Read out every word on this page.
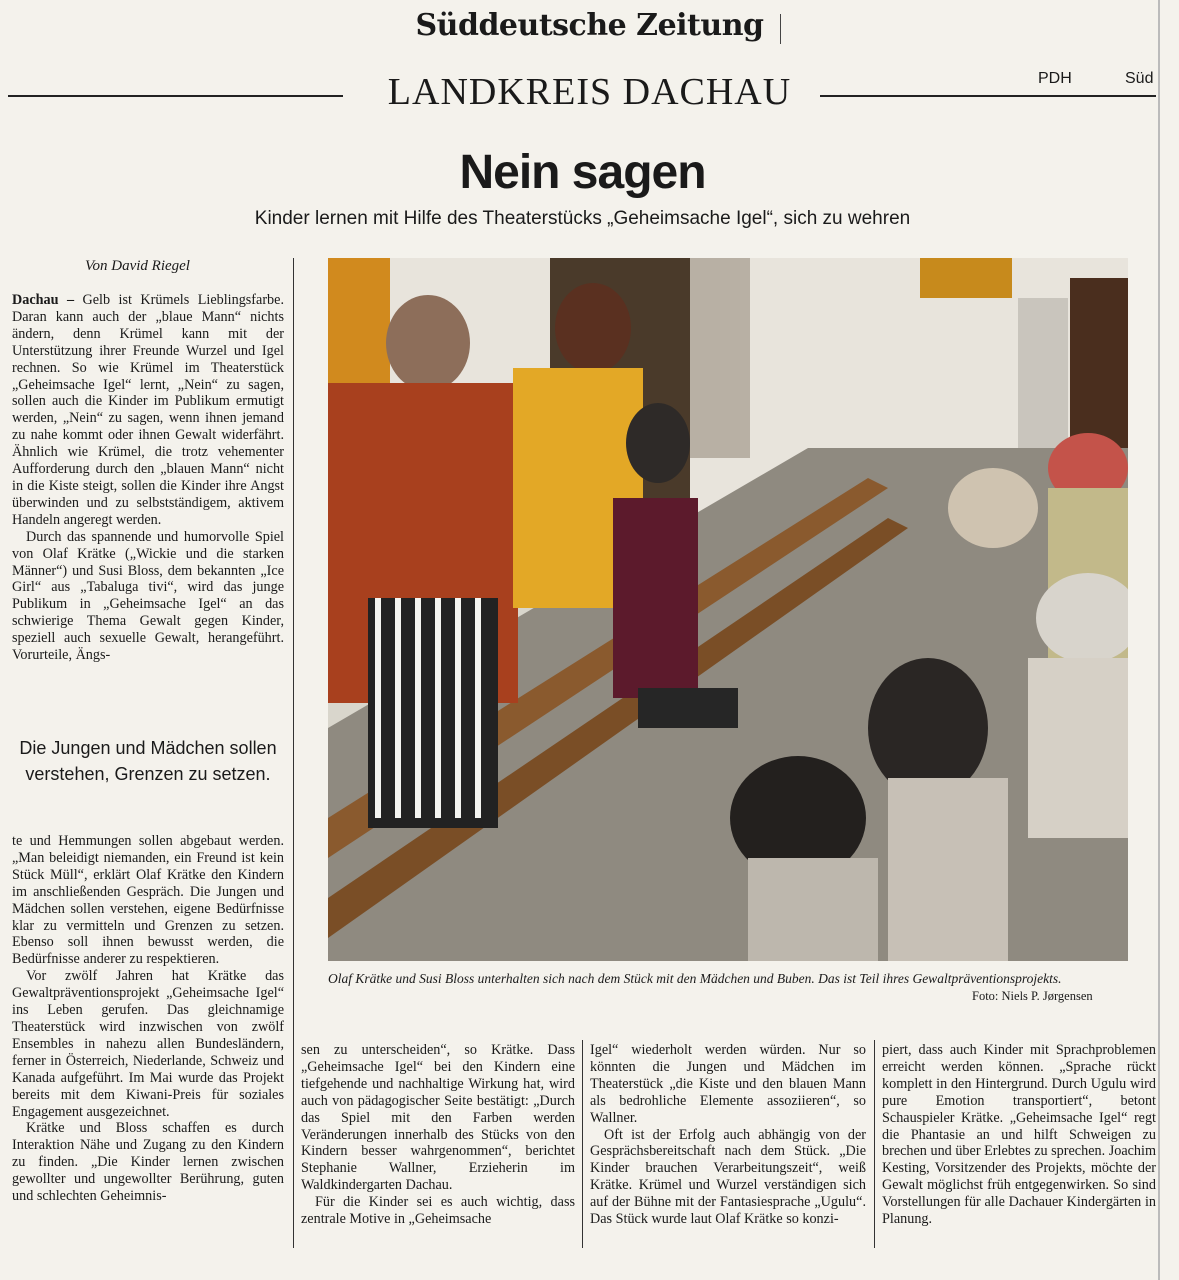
Süddeutsche Zeitung
LANDKREIS DACHAU	PDH	Süd
Nein sagen
Kinder lernen mit Hilfe des Theaterstücks „Geheimsache Igel“, sich zu wehren
Von David Riegel

Dachau – Gelb ist Krümels Lieblingsfarbe. Daran kann auch der „blaue Mann“ nichts ändern, denn Krümel kann mit der Unterstützung ihrer Freunde Wurzel und Igel rechnen. So wie Krümel im Theaterstück „Geheimsache Igel“ lernt, „Nein“ zu sagen, sollen auch die Kinder im Publikum ermutigt werden, „Nein“ zu sagen, wenn ihnen jemand zu nahe kommt oder ihnen Gewalt widerfährt. Ähnlich wie Krümel, die trotz vehementer Aufforderung durch den „blauen Mann“ nicht in die Kiste steigt, sollen die Kinder ihre Angst überwinden und zu selbstständigem, aktivem Handeln angeregt werden.

Durch das spannende und humorvolle Spiel von Olaf Krätke („Wickie und die starken Männer“) und Susi Bloss, dem bekannten „Ice Girl“ aus „Tabaluga tivi“, wird das junge Publikum in „Geheimsache Igel“ an das schwierige Thema Gewalt gegen Kinder, speziell auch sexuelle Gewalt, herangeführt. Vorurteile, Ängs-

Die Jungen und Mädchen sollen verstehen, Grenzen zu setzen.

te und Hemmungen sollen abgebaut werden. „Man beleidigt niemanden, ein Freund ist kein Stück Müll“, erklärt Olaf Krätke den Kindern im anschließenden Gespräch. Die Jungen und Mädchen sollen verstehen, eigene Bedürfnisse klar zu vermitteln und Grenzen zu setzen. Ebenso soll ihnen bewusst werden, die Bedürfnisse anderer zu respektieren.

Vor zwölf Jahren hat Krätke das Gewaltpräventionsprojekt „Geheimsache Igel“ ins Leben gerufen. Das gleichnamige Theaterstück wird inzwischen von zwölf Ensembles in nahezu allen Bundesländern, ferner in Österreich, Niederlande, Schweiz und Kanada aufgeführt. Im Mai wurde das Projekt bereits mit dem Kiwani-Preis für soziales Engagement ausgezeichnet.

Krätke und Bloss schaffen es durch Interaktion Nähe und Zugang zu den Kindern zu finden. „Die Kinder lernen zwischen gewollter und ungewollter Berührung, guten und schlechten Geheimnis-

Olaf Krätke und Susi Bloss unterhalten sich nach dem Stück mit den Mädchen und Buben. Das ist Teil ihres Gewaltpräventionsprojekts.
Foto: Niels P. Jørgensen

sen zu unterscheiden“, so Krätke. Dass „Geheimsache Igel“ bei den Kindern eine tiefgehende und nachhaltige Wirkung hat, wird auch von pädagogischer Seite bestätigt: „Durch das Spiel mit den Farben werden Veränderungen innerhalb des Stücks von den Kindern besser wahrgenommen“, berichtet Stephanie Wallner, Erzieherin im Waldkindergarten Dachau.

Für die Kinder sei es auch wichtig, dass zentrale Motive in „Geheimsache

Igel“ wiederholt werden würden. Nur so könnten die Jungen und Mädchen im Theaterstück „die Kiste und den blauen Mann als bedrohliche Elemente assoziieren“, so Wallner.

Oft ist der Erfolg auch abhängig von der Gesprächsbereitschaft nach dem Stück. „Die Kinder brauchen Verarbeitungszeit“, weiß Krätke. Krümel und Wurzel verständigen sich auf der Bühne mit der Fantasiesprache „Ugulu“. Das Stück wurde laut Olaf Krätke so konzi-

piert, dass auch Kinder mit Sprachproblemen erreicht werden können. „Sprache rückt komplett in den Hintergrund. Durch Ugulu wird pure Emotion transportiert“, betont Schauspieler Krätke. „Geheimsache Igel“ regt die Phantasie an und hilft Schweigen zu brechen und über Erlebtes zu sprechen. Joachim Kesting, Vorsitzender des Projekts, möchte der Gewalt möglichst früh entgegenwirken. So sind Vorstellungen für alle Dachauer Kindergärten in Planung.
